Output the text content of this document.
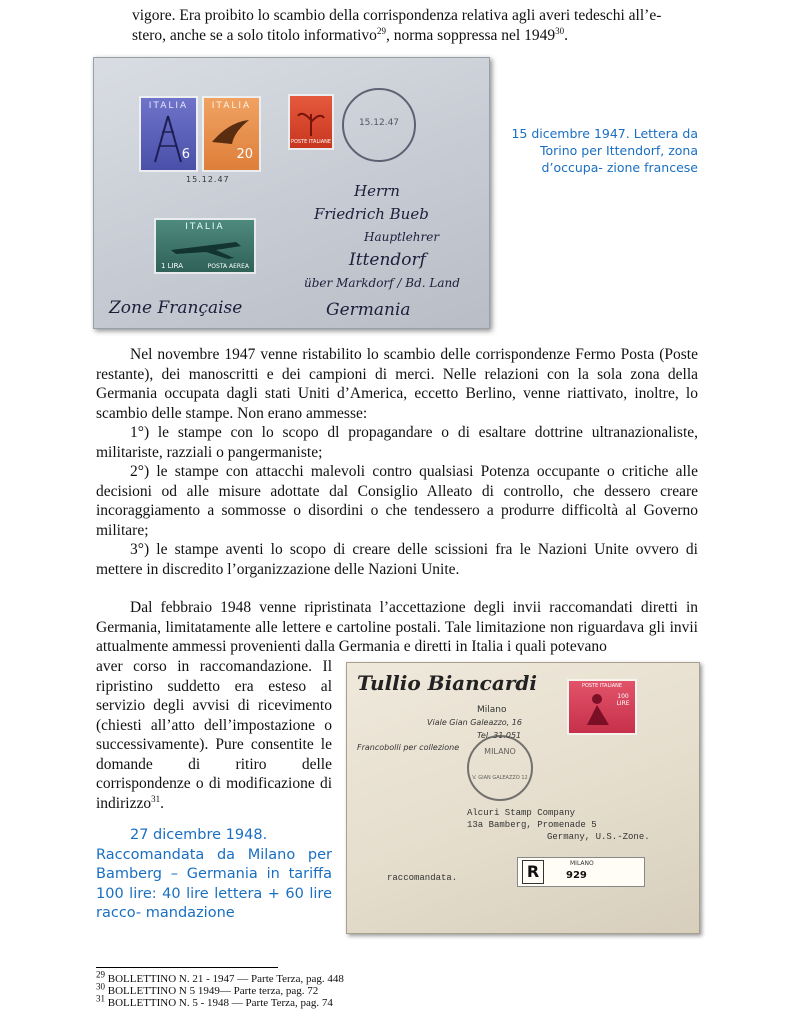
vigore. Era proibito lo scambio della corrispondenza relativa agli averi tedeschi all’e-
stero, anche se a solo titolo informativo$^{29}$, norma soppressa nel 1949$^{30}$.
ITALIA
6
ITALIA
20
POSTE ITALIANE
ITALIA
1 LIRA	POSTA AEREA
15.12.47
15.12.47
Herrn
Friedrich Bueb
Hauptlehrer
Ittendorf
über Markdorf / Bd. Land
Zone Française	Germania
15 dicembre 1947. Lettera da Torino per Ittendorf, zona d’occupa- zione francese
Nel novembre 1947 venne ristabilito lo scambio delle corrispondenze Fermo Posta (Poste restante), dei manoscritti e dei campioni di merci. Nelle relazioni con la sola zona della Germania occupata dagli stati Uniti d’America, eccetto Berlino, venne riattivato, inoltre, lo scambio delle stampe. Non erano ammesse:
1°) le stampe con lo scopo dl propagandare o di esaltare dottrine ultranazionaliste, militariste, razziali o pangermaniste;
2°) le stampe con attacchi malevoli contro qualsiasi Potenza occupante o critiche alle decisioni od alle misure adottate dal Consiglio Alleato di controllo, che dessero creare incoraggiamento a sommosse o disordini o che tendessero a produrre difficoltà al Governo militare;
3°) le stampe aventi lo scopo di creare delle scissioni fra le Nazioni Unite ovvero di mettere in discredito l’organizzazione delle Nazioni Unite.
Dal febbraio 1948 venne ripristinata l’accettazione degli invii raccomandati diretti in Germania, limitatamente alle lettere e cartoline postali. Tale limitazione non riguardava gli invii attualmente ammessi provenienti dalla Germania e diretti in Italia i quali potevano
aver corso in raccomandazione. Il ripristino suddetto era esteso al servizio degli avvisi di ricevimento (chiesti all’atto dell’impostazione o successivamente). Pure consentite le domande di ritiro delle corrispondenze o di modificazione di indirizzo$^{31}$.
27 dicembre 1948.
Raccomandata da Milano per Bamberg – Germania in tariffa 100 lire: 40 lire lettera + 60 lire racco- mandazione
Tullio Biancardi
Milano
Viale Gian Galeazzo, 16
Tel. 31.051
Francobolli per collezione
POSTE ITALIANE
100 LIRE
MILANO
V. GIAN GALEAZZO 12
Alcuri Stamp Company
13a Bamberg, Promenade 5
Germany, U.S.-Zone.
raccomandata.	R	MILANO
929
$^{29}$ BOLLETTINO N. 21 - 1947 — Parte Terza, pag. 448
$^{30}$ BOLLETTINO N 5 1949— Parte terza, pag. 72
$^{31}$ BOLLETTINO N. 5 - 1948 — Parte Terza, pag. 74
